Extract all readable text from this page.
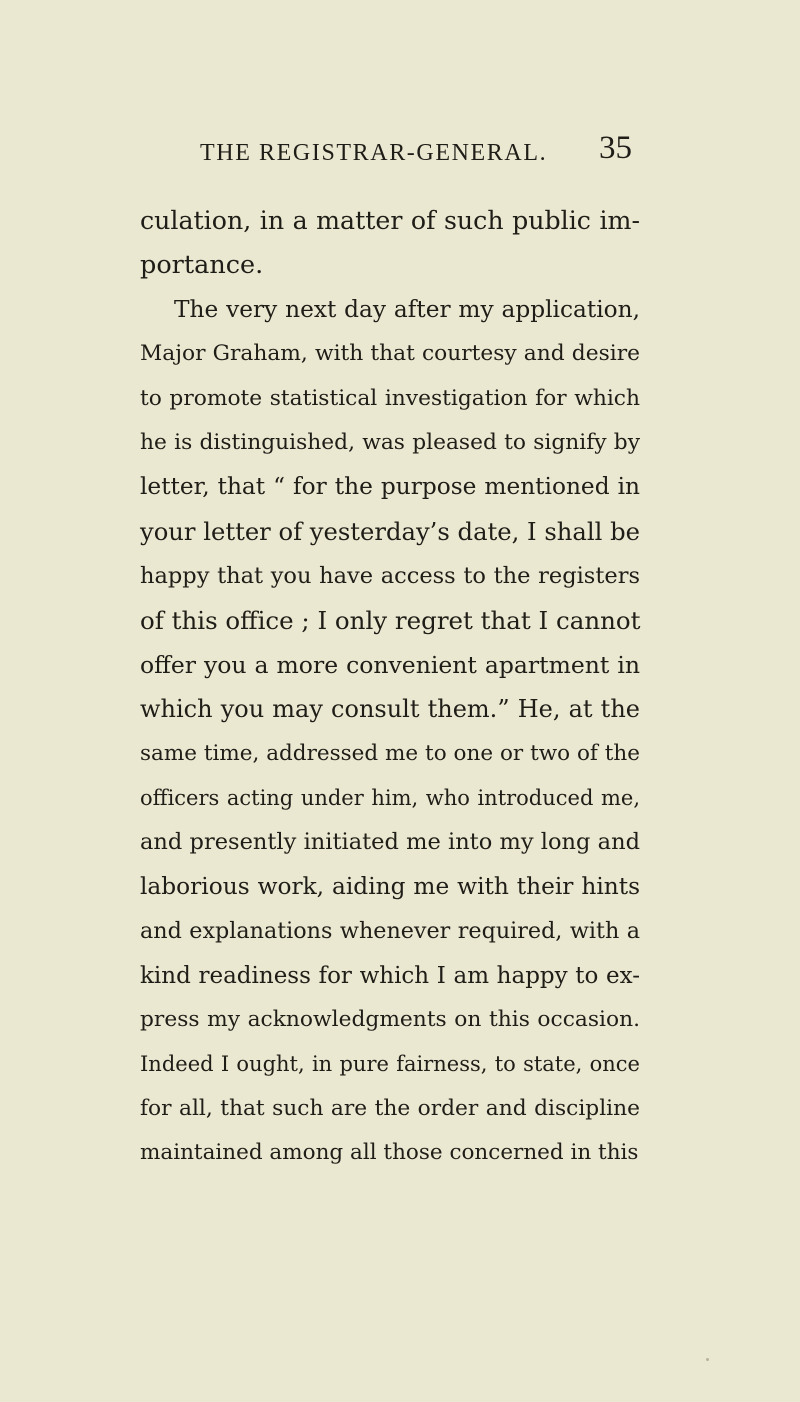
THE REGISTRAR-GENERAL. 35
culation, in a matter of such public im-
portance.
The very next day after my application,
Major Graham, with that courtesy and desire
to promote statistical investigation for which
he is distinguished, was pleased to signify by
letter, that “ for the purpose mentioned in
your letter of yesterday’s date, I shall be
happy that you have access to the registers
of this office ; I only regret that I cannot
offer you a more convenient apartment in
which you may consult them.” He, at the
same time, addressed me to one or two of the
officers acting under him, who introduced me,
and presently initiated me into my long and
laborious work, aiding me with their hints
and explanations whenever required, with a
kind readiness for which I am happy to ex-
press my acknowledgments on this occasion.
Indeed I ought, in pure fairness, to state, once
for all, that such are the order and discipline
maintained among all those concerned in this
